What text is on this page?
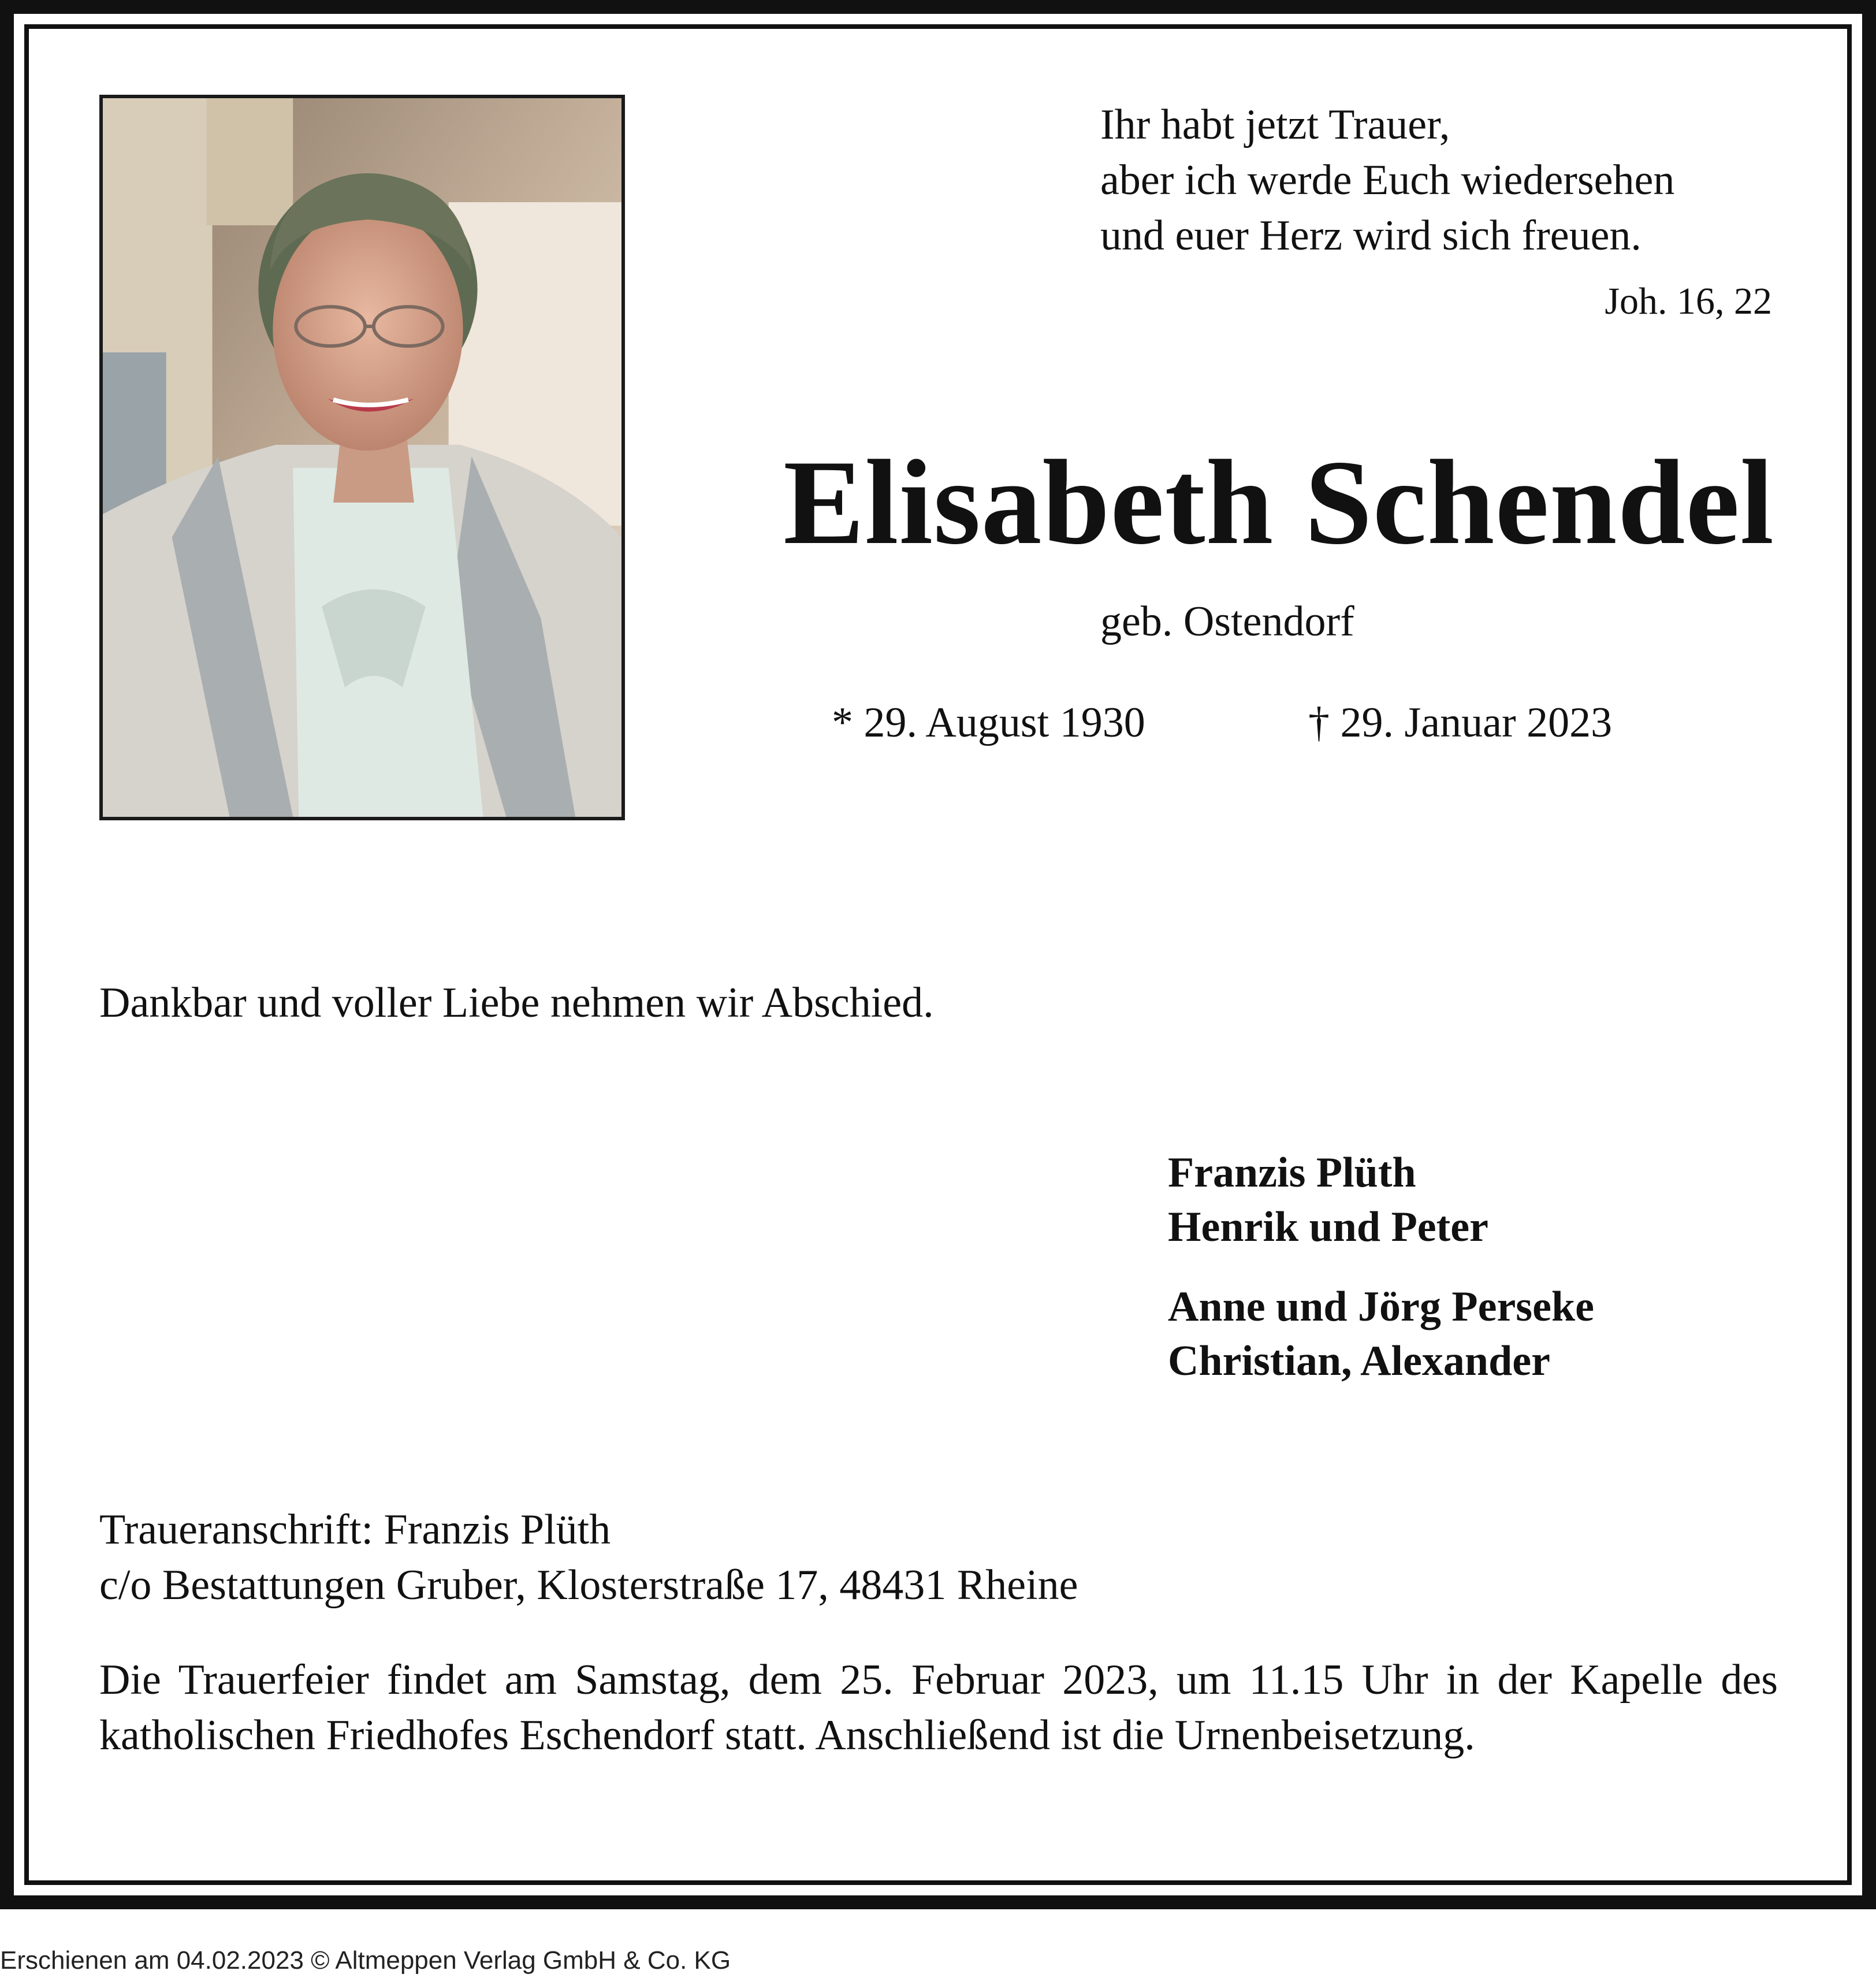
Ihr habt jetzt Trauer,
aber ich werde Euch wiedersehen
und euer Herz wird sich freuen.
Joh. 16, 22
Elisabeth Schendel
geb. Ostendorf
* 29. August 1930	† 29. Januar 2023
Dankbar und voller Liebe nehmen wir Abschied.
Franzis Plüth
Henrik und Peter
Anne und Jörg Perseke
Christian, Alexander
Traueranschrift: Franzis Plüth
c/o Bestattungen Gruber, Klosterstraße 17, 48431 Rheine
Die Trauerfeier findet am Samstag, dem 25. Februar 2023, um 11.15 Uhr in der Kapelle des katholischen Friedhofes Eschendorf statt. Anschließend ist die Urnenbeisetzung.
Erschienen am 04.02.2023 © Altmeppen Verlag GmbH & Co. KG
